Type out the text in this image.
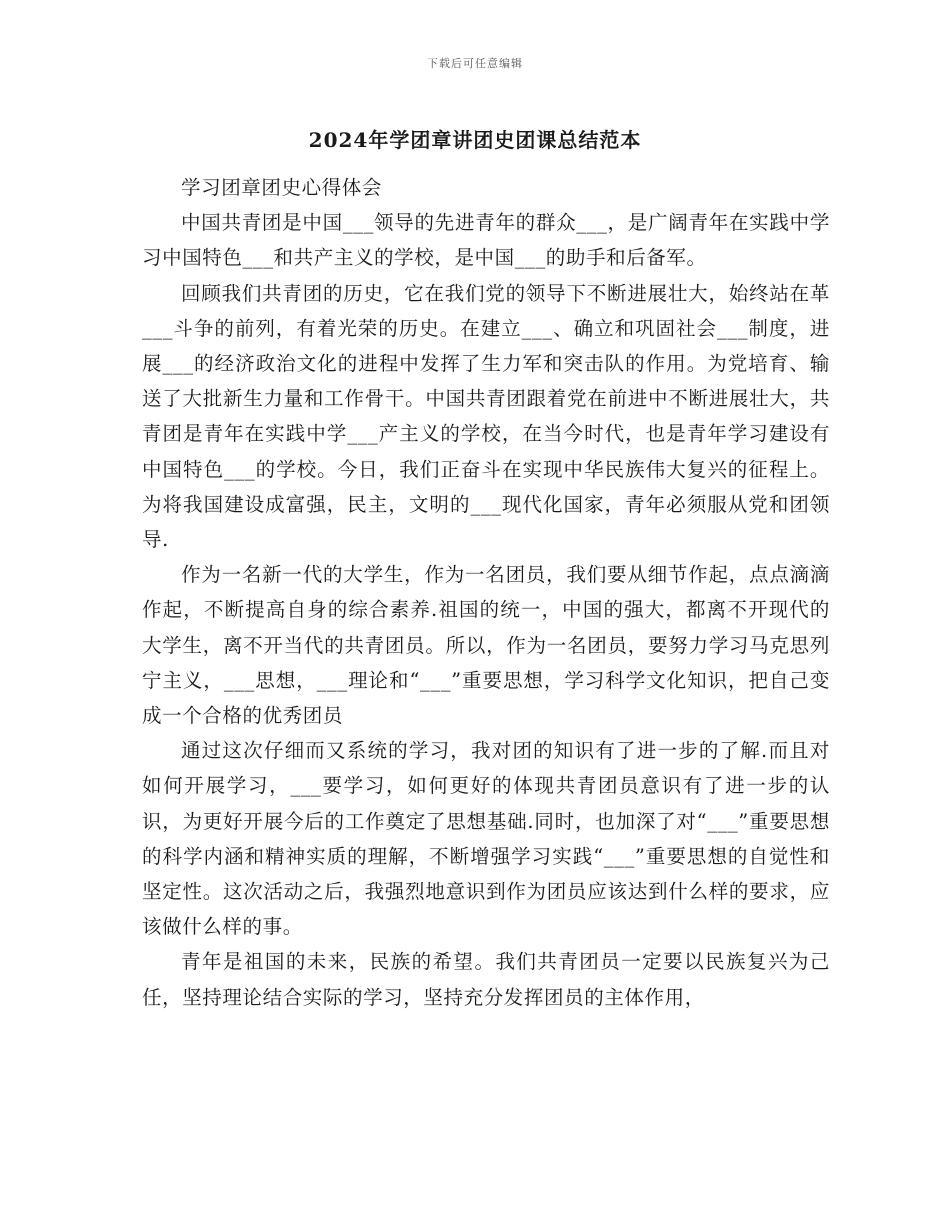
下载后可任意编辑
2024年学团章讲团史团课总结范本

学习团章团史心得体会

中国共青团是中国___领导的先进青年的群众___，是广阔青年在实践中学习中国特色___和共产主义的学校，是中国___的助手和后备军。

回顾我们共青团的历史，它在我们党的领导下不断进展壮大，始终站在革___斗争的前列，有着光荣的历史。在建立___、确立和巩固社会___制度，进展___的经济政治文化的进程中发挥了生力军和突击队的作用。为党培育、输送了大批新生力量和工作骨干。中国共青团跟着党在前进中不断进展壮大，共青团是青年在实践中学___产主义的学校，在当今时代，也是青年学习建设有中国特色___的学校。今日，我们正奋斗在实现中华民族伟大复兴的征程上。为将我国建设成富强，民主，文明的___现代化国家，青年必须服从党和团领导.

作为一名新一代的大学生，作为一名团员，我们要从细节作起，点点滴滴作起，不断提高自身的综合素养.祖国的统一，中国的强大，都离不开现代的大学生，离不开当代的共青团员。所以，作为一名团员，要努力学习马克思列宁主义，___思想，___理论和“___”重要思想，学习科学文化知识，把自己变成一个合格的优秀团员

通过这次仔细而又系统的学习，我对团的知识有了进一步的了解.而且对如何开展学习，___要学习，如何更好的体现共青团员意识有了进一步的认识，为更好开展今后的工作奠定了思想基础.同时，也加深了对“___”重要思想的科学内涵和精神实质的理解，不断增强学习实践“___”重要思想的自觉性和坚定性。这次活动之后，我强烈地意识到作为团员应该达到什么样的要求，应该做什么样的事。

青年是祖国的未来，民族的希望。我们共青团员一定要以民族复兴为己任，坚持理论结合实际的学习，坚持充分发挥团员的主体作用，
